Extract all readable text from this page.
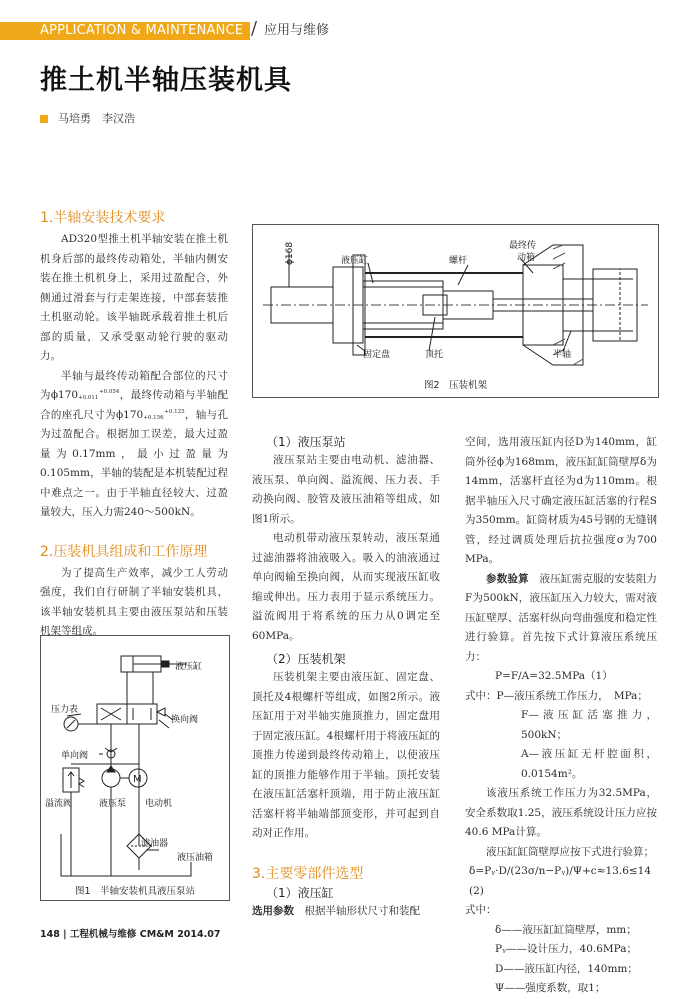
APPLICATION & MAINTENANCE / 应用与维修
推土机半轴压装机具
马培勇　李汉浩
1.半轴安装技术要求

AD320型推土机半轴安装在推土机机身后部的最终传动箱处，半轴内侧安装在推土机机身上，采用过盈配合，外侧通过滑套与行走架连接，中部套装推土机驱动轮。该半轴既承载着推土机后部的质量，又承受驱动轮行驶的驱动力。

半轴与最终传动箱配合部位的尺寸为ϕ170	+0.054
+0.011 ，最终传动箱与半轴配合的座孔尺寸为ϕ170	+0.125
+0.156 ，轴与孔为过盈配合。根据加工误差，最大过盈量为0.17mm，最小过盈量为0.105mm，半轴的装配是本机装配过程中难点之一。由于半轴直径较大、过盈量较大，压入力需240～500kN。

2.压装机具组成和工作原理

为了提高生产效率，减少工人劳动强度，我们自行研制了半轴安装机具，该半轴安装机具主要由液压泵站和压装机架等组成。

M
液压缸
压力表
换向阀
单向阀
溢流阀	液压泵 电动机
滤油器
液压油箱
图1　半轴安装机具液压泵站
液压缸	螺杆
最终传
动箱
ϕ168
固定盘	顶托	半轴
图2　压装机架
（1）液压泵站

液压泵站主要由电动机、滤油器、液压泵、单向阀、溢流阀、压力表、手动换向阀、胶管及液压油箱等组成，如图1所示。

电动机带动液压泵转动，液压泵通过滤油器将油液吸入。吸入的油液通过单向阀输至换向阀，从而实现液压缸收缩或伸出。压力表用于显示系统压力。溢流阀用于将系统的压力从0调定至60MPa。

（2）压装机架

压装机架主要由液压缸、固定盘、顶托及4根螺杆等组成，如图2所示。液压缸用于对半轴实施顶推力，固定盘用于固定液压缸。4根螺杆用于将液压缸的顶推力传递到最终传动箱上，以使液压缸的顶推力能够作用于半轴。顶托安装在液压缸活塞杆顶端，用于防止液压缸活塞杆将半轴端部顶变形，并可起到自动对正作用。

3.主要零部件选型
（1）液压缸

选用参数　 根据半轴形状尺寸和装配

空间，选用液压缸内径D为140mm，缸筒外径ϕ为168mm，液压缸缸筒壁厚δ为14mm，活塞杆直径为d为110mm。根据半轴压入尺寸确定液压缸活塞的行程S为350mm。缸筒材质为45号钢的无缝钢管，经过调质处理后抗拉强度σ为700 MPa。

参数验算　 液压缸需克服的安装阻力F为500kN，液压缸压入力较大，需对液压缸壁厚、活塞杆纵向弯曲强度和稳定性进行验算。首先按下式计算液压系统压力：

P=F/A=32.5MPa（1）

式中：P—液压系统工作压力，　MPa；

F—液压缸活塞推力，500kN；

A—液压缸无杆腔面积，0.0154m²。

该液压系统工作压力为32.5MPa，安全系数取1.25，液压系统设计压力应按40.6 MPa计算。

液压缸缸筒壁厚应按下式进行验算；

δ=Pᵧ·D/(23σ/n−Pᵧ)/Ψ+c≈13.6≤14　(2)

式中：

δ——液压缸缸筒壁厚，mm；

Pᵧ——设计压力，40.6MPa；

D——液压缸内径，140mm；

Ψ——强度系数，取1；

148 | 工程机械与维修 CM&M 2014.07
